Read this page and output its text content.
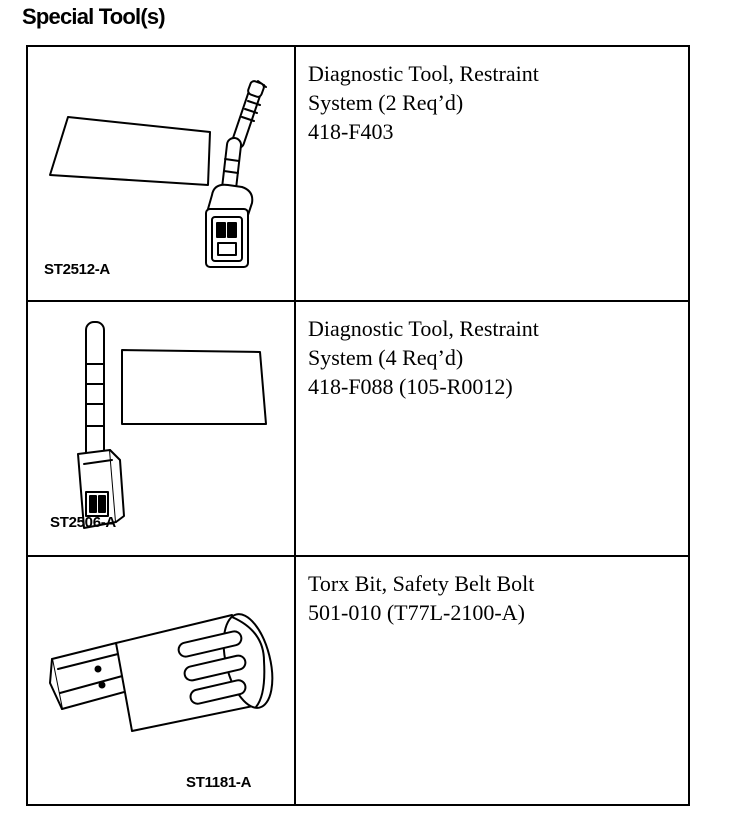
Special Tool(s)
ST2512-A
Diagnostic Tool, Restraint
System (2 Req’d)
418-F403
ST2506-A
Diagnostic Tool, Restraint
System (4 Req’d)
418-F088 (105-R0012)
ST1181-A
Torx Bit, Safety Belt Bolt
501-010 (T77L-2100-A)
